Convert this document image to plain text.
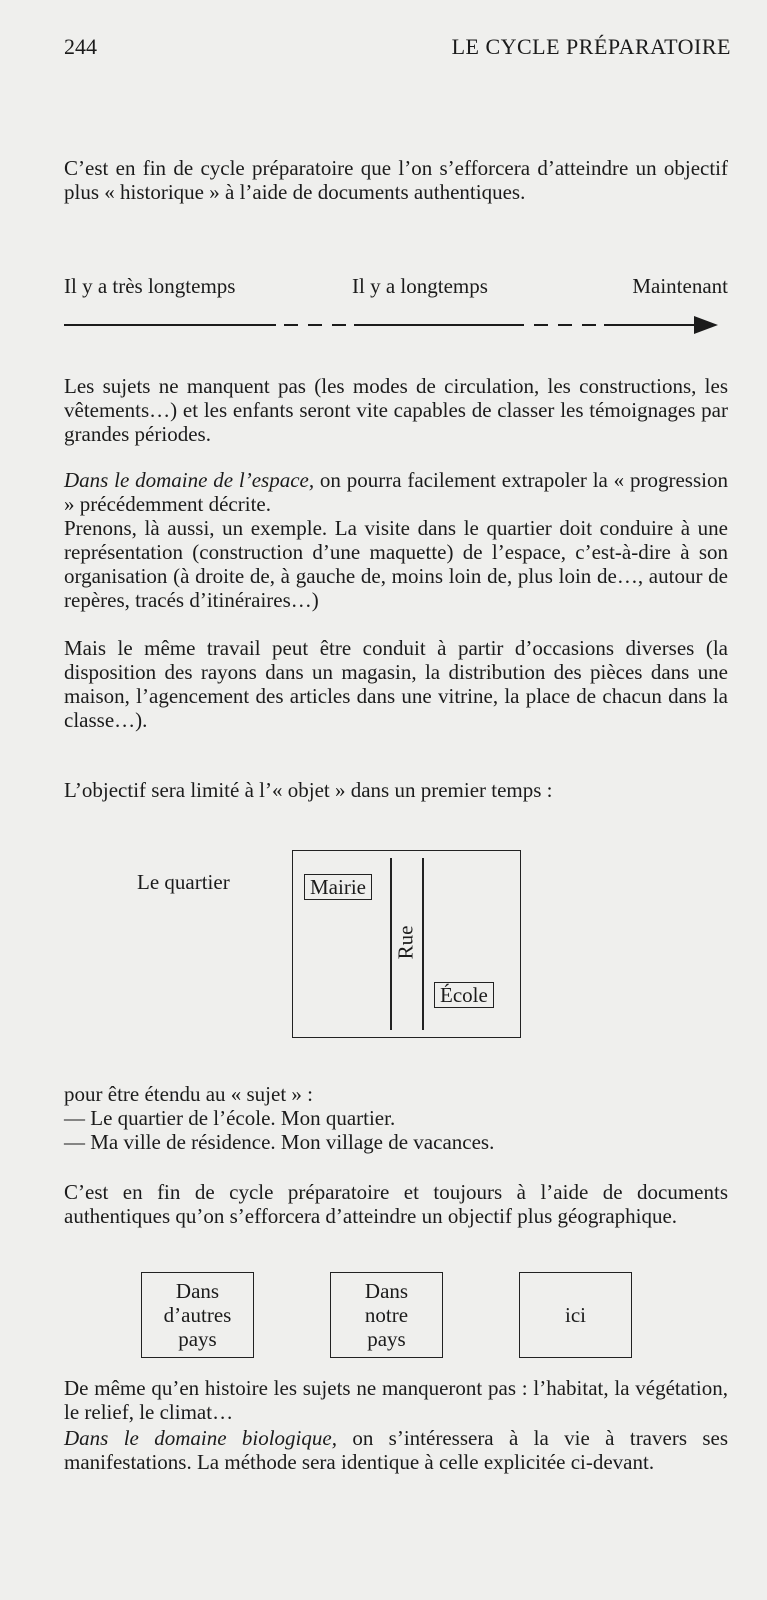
244	LE CYCLE PRÉPARATOIRE

C’est en fin de cycle préparatoire que l’on s’efforcera d’atteindre un objectif plus « historique » à l’aide de documents authentiques.

Il y a très longtemps	Il y a longtemps	Maintenant

Les sujets ne manquent pas (les modes de circulation, les constructions, les vêtements…) et les enfants seront vite capables de classer les témoignages par grandes périodes.

Dans le domaine de l’espace, on pourra facilement extrapoler la « progression » précédemment décrite.

Prenons, là aussi, un exemple. La visite dans le quartier doit conduire à une représentation (construction d’une maquette) de l’espace, c’est-à-dire à son organisation (à droite de, à gauche de, moins loin de, plus loin de…, autour de repères, tracés d’itinéraires…)

Mais le même travail peut être conduit à partir d’occasions diverses (la disposition des rayons dans un magasin, la distribution des pièces dans une maison, l’agencement des articles dans une vitrine, la place de chacun dans la classe…).

L’objectif sera limité à l’« objet » dans un premier temps :

Le quartier	Mairie
Rue
École

pour être étendu au « sujet » :

— Le quartier de l’école. Mon quartier.

— Ma ville de résidence. Mon village de vacances.

C’est en fin de cycle préparatoire et toujours à l’aide de documents authentiques qu’on s’efforcera d’atteindre un objectif plus géographique.

Dans
d’autres
pays
Dans
notre
pays
ici

De même qu’en histoire les sujets ne manqueront pas : l’habitat, la végétation, le relief, le climat…

Dans le domaine biologique, on s’intéressera à la vie à travers ses manifestations. La méthode sera identique à celle explicitée ci-devant.
